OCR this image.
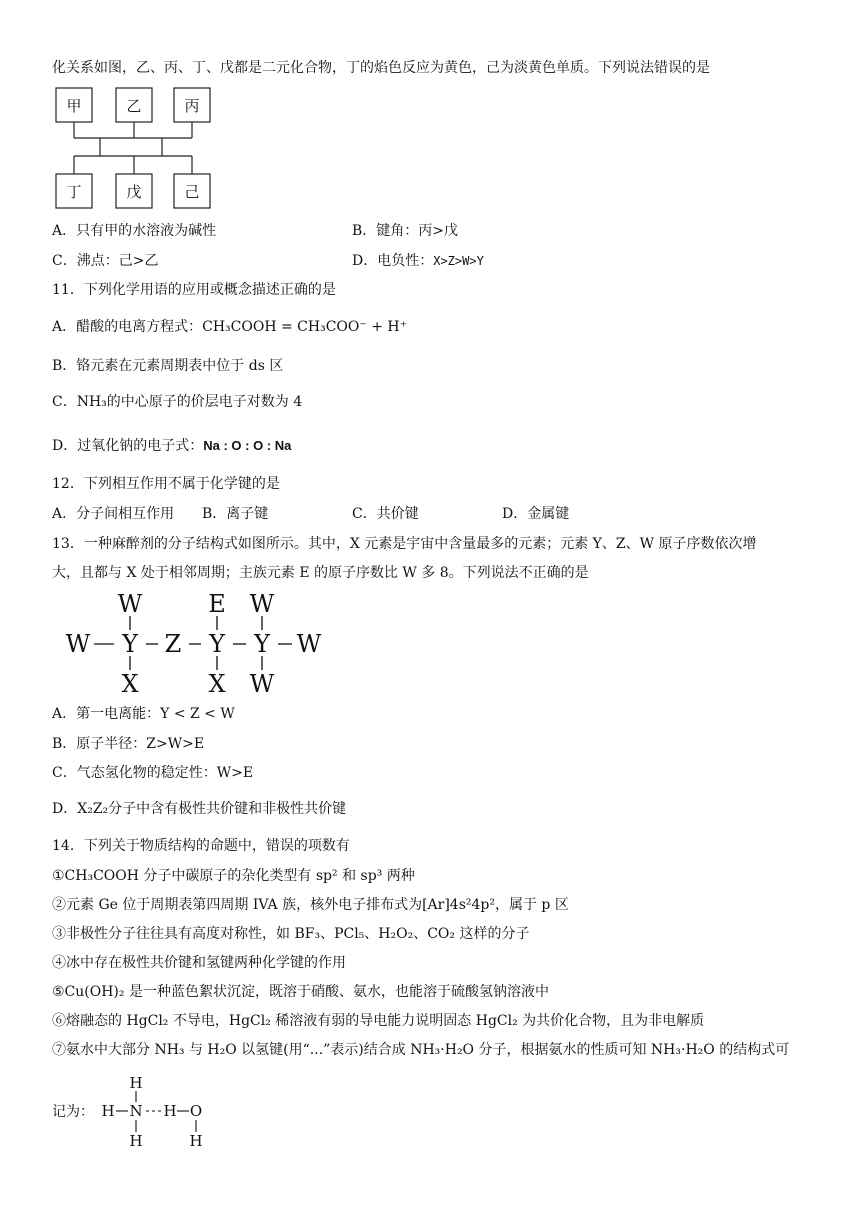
化关系如图，乙、丙、丁、戊都是二元化合物，丁的焰色反应为黄色，己为淡黄色单质。下列说法错误的是
甲	乙	丙
丁	戊	己
A．只有甲的水溶液为碱性	B．键角：丙>戊
C．沸点：己>乙	D．电负性：X>Z>W>Y
11．下列化学用语的应用或概念描述正确的是
A．醋酸的电离方程式：CH₃COOH = CH₃COO⁻ + H⁺
B．铬元素在元素周期表中位于 ds 区
C．NH₃的中心原子的价层电子对数为 4
D．过氧化钠的电子式：Na : O : O : Na
12．下列相互作用不属于化学键的是
A．分子间相互作用 B．离子键	C．共价键	D．金属键
13．一种麻醉剂的分子结构式如图所示。其中，X 元素是宇宙中含量最多的元素；元素 Y、Z、W 原子序数依次增
大，且都与 X 处于相邻周期；主族元素 E 的原子序数比 W 多 8。下列说法不正确的是
W	E W
W Y Z Y Y W
X	X W
A．第一电离能：Y < Z < W
B．原子半径：Z>W>E
C．气态氢化物的稳定性：W>E
D．X₂Z₂分子中含有极性共价键和非极性共价键
14．下列关于物质结构的命题中，错误的项数有
①CH₃COOH 分子中碳原子的杂化类型有 sp² 和 sp³ 两种
②元素 Ge 位于周期表第四周期 IVA 族，核外电子排布式为[Ar]4s²4p²，属于 p 区
③非极性分子往往具有高度对称性，如 BF₃、PCl₅、H₂O₂、CO₂ 这样的分子
④冰中存在极性共价键和氢键两种化学键的作用
⑤Cu(OH)₂ 是一种蓝色絮状沉淀，既溶于硝酸、氨水，也能溶于硫酸氢钠溶液中
⑥熔融态的 HgCl₂ 不导电，HgCl₂ 稀溶液有弱的导电能力说明固态 HgCl₂ 为共价化合物，且为非电解质
⑦氨水中大部分 NH₃ 与 H₂O 以氢键(用“...”表示)结合成 NH₃·H₂O 分子，根据氨水的性质可知 NH₃·H₂O 的结构式可
记为：
H
H N H O
H	H
